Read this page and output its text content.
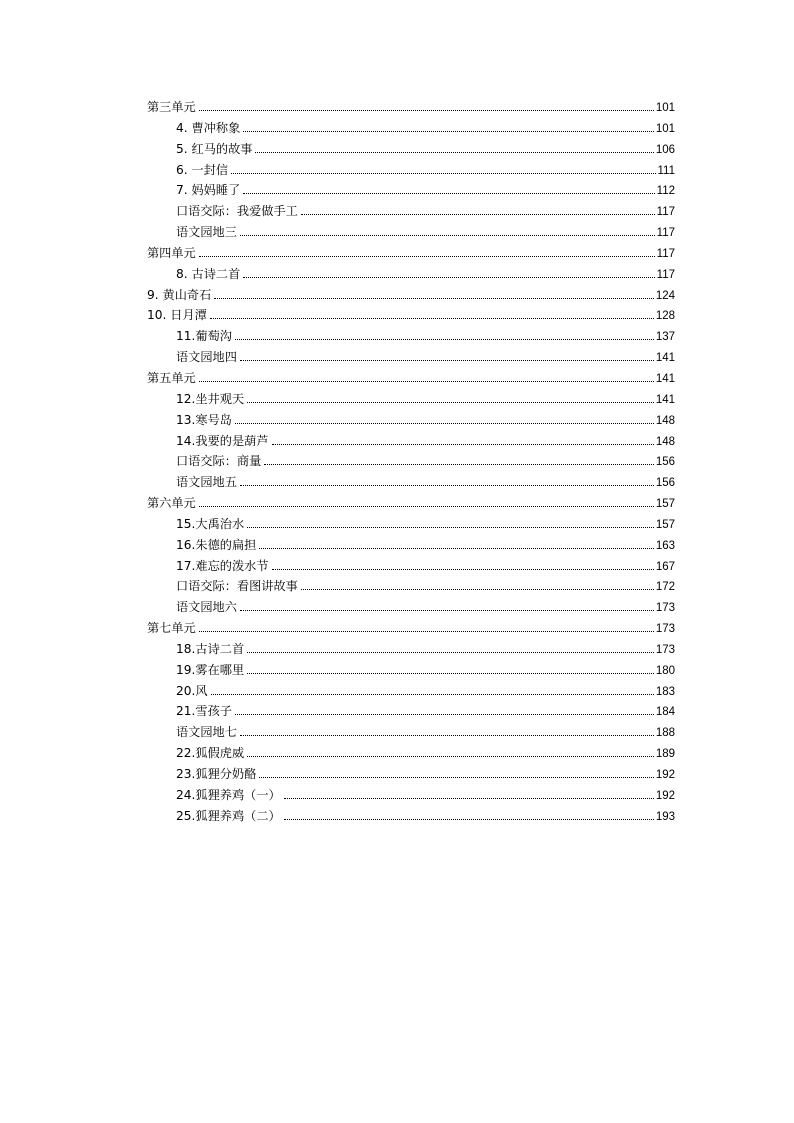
第三单元	101
4. 曹冲称象	101
5. 红马的故事	106
6. 一封信	111
7. 妈妈睡了	112
口语交际：我爱做手工	117
语文园地三	117
第四单元	117
8. 古诗二首	117
9. 黄山奇石	124
10. 日月潭	128
11.葡萄沟	137
语文园地四	141
第五单元	141
12.坐井观天	141
13.寒号岛	148
14.我要的是葫芦	148
口语交际：商量	156
语文园地五	156
第六单元	157
15.大禹治水	157
16.朱德的扁担	163
17.难忘的泼水节	167
口语交际：看图讲故事	172
语文园地六	173
第七单元	173
18.古诗二首	173
19.雾在哪里	180
20.风	183
21.雪孩子	184
语文园地七	188
22.狐假虎威	189
23.狐狸分奶酪	192
24.狐狸养鸡（一）	192
25.狐狸养鸡（二）	193
